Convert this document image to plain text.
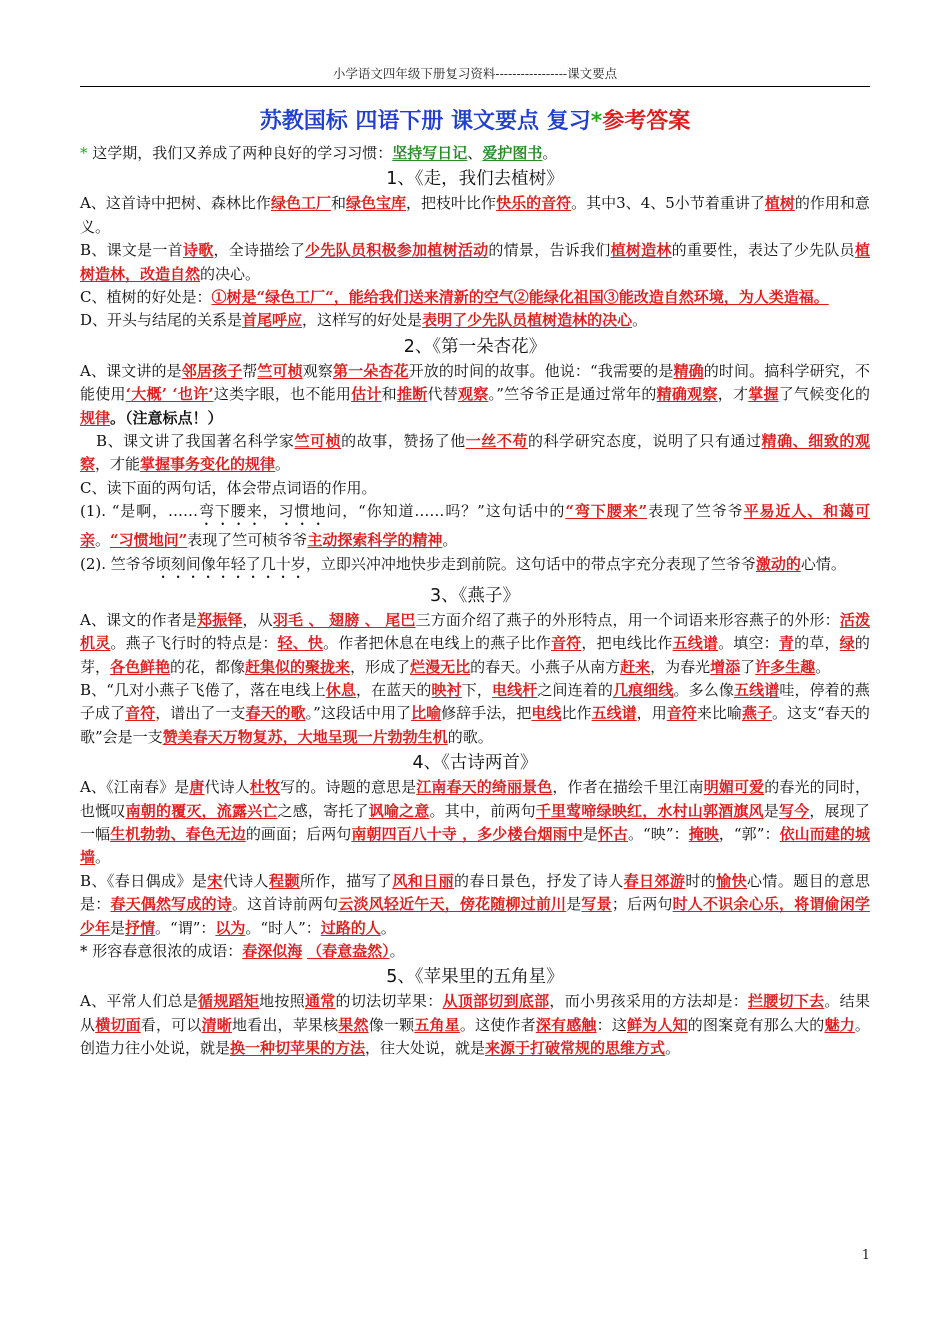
小学语文四年级下册复习资料-----------------课文要点
苏教国标 四语下册 课文要点 复习*参考答案

* 这学期，我们又养成了两种良好的学习习惯：坚持写日记、爱护图书。

1、《走，我们去植树》

A、这首诗中把树、森林比作绿色工厂和绿色宝库，把枝叶比作快乐的音符。其中3、4、5小节着重讲了植树的作用和意义。

B、课文是一首诗歌，全诗描绘了少先队员积极参加植树活动的情景，告诉我们植树造林的重要性，表达了少先队员植树造林，改造自然的决心。

C、植树的好处是：①树是“绿色工厂“，能给我们送来清新的空气②能绿化祖国③能改造自然环境，为人类造福。

D、开头与结尾的关系是首尾呼应，这样写的好处是表明了少先队员植树造林的决心。

2、《第一朵杏花》

A、课文讲的是邻居孩子帮竺可桢观察第一朵杏花开放的时间的故事。他说：“我需要的是精确的时间。搞科学研究，不能使用‘大概’ ‘也许’这类字眼，也不能用估计和推断代替观察。”竺爷爷正是通过常年的精确观察，才掌握了气候变化的规律。（注意标点！）

B、课文讲了我国著名科学家竺可桢的故事，赞扬了他一丝不苟的科学研究态度，说明了只有通过精确、细致的观察，才能掌握事务变化的规律。

C、读下面的两句话，体会带点词语的作用。

(1). “是啊，……弯下腰来，习惯地问，“你知道……吗？”这句话中的“弯下腰来”表现了竺爷爷平易近人、和蔼可亲。“习惯地问”表现了竺可桢爷爷主动探索科学的精神。

(2). 竺爷爷顷刻间像年轻了几十岁，立即兴冲冲地快步走到前院。这句话中的带点字充分表现了竺爷爷激动的心情。

3、《燕子》

A、课文的作者是郑振铎，从羽毛 、 翅膀 、 尾巴三方面介绍了燕子的外形特点，用一个词语来形容燕子的外形：活泼机灵。燕子飞行时的特点是：轻、快。作者把休息在电线上的燕子比作音符，把电线比作五线谱。填空：青的草，绿的芽，各色鲜艳的花，都像赶集似的聚拢来，形成了烂漫无比的春天。小燕子从南方赶来，为春光增添了许多生趣。

B、“几对小燕子飞倦了，落在电线上休息，在蓝天的映衬下，电线杆之间连着的几痕细线。多么像五线谱哇，停着的燕子成了音符，谱出了一支春天的歌。”这段话中用了比喻修辞手法，把电线比作五线谱，用音符来比喻燕子。这支“春天的歌”会是一支赞美春天万物复苏，大地呈现一片勃勃生机的歌。

4、《古诗两首》

A、《江南春》是唐代诗人杜牧写的。诗题的意思是江南春天的绮丽景色，作者在描绘千里江南明媚可爱的春光的同时，也慨叹南朝的覆灭，流露兴亡之感，寄托了讽喻之意。其中，前两句千里莺啼绿映红，水村山郭酒旗风是写今，展现了一幅生机勃勃、春色无边的画面；后两句南朝四百八十寺 ，多少楼台烟雨中是怀古。“映”：掩映，“郭”：依山而建的城墙。

B、《春日偶成》是宋代诗人程颢所作，描写了风和日丽的春日景色，抒发了诗人春日郊游时的愉快心情。题目的意思是：春天偶然写成的诗。这首诗前两句云淡风轻近午天，傍花随柳过前川是写景；后两句时人不识余心乐，将谓偷闲学少年是抒情。“谓”：以为。“时人”：过路的人。

* 形容春意很浓的成语：春深似海 （春意盎然）。

5、《苹果里的五角星》

A、平常人们总是循规蹈矩地按照通常的切法切苹果：从顶部切到底部，而小男孩采用的方法却是：拦腰切下去。结果从横切面看，可以清晰地看出，苹果核果然像一颗五角星。这使作者深有感触：这鲜为人知的图案竟有那么大的魅力。创造力往小处说，就是换一种切苹果的方法，往大处说，就是来源于打破常规的思维方式。

1
